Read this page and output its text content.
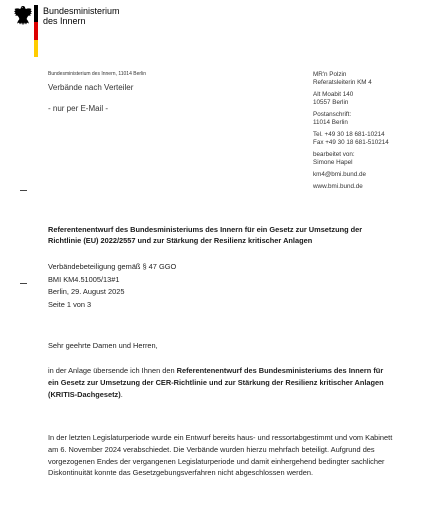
Bundesministerium
des Innern
Bundesministerium des Innern, 11014 Berlin
Verbände nach Verteiler
- nur per E-Mail -

MR'n Polzin

Referatsleiterin KM 4

Alt Moabit 140

10557 Berlin

Postanschrift:

11014 Berlin

Tel. +49 30 18 681-10214

Fax +49 30 18 681-510214

bearbeitet von:

Simone Hapel

km4@bmi.bund.de

www.bmi.bund.de

Referentenentwurf des Bundesministeriums des Innern für ein Gesetz zur Umsetzung der Richtlinie (EU) 2022/2557 und zur Stärkung der Resilienz kritischer Anlagen

Verbändebeteiligung gemäß § 47 GGO

BMI KM4.51005/13#1

Berlin, 29. August 2025

Seite 1 von 3

Sehr geehrte Damen und Herren,
in der Anlage übersende ich Ihnen den Referentenentwurf des Bundesministeriums des Innern für ein Gesetz zur Umsetzung der CER-Richtlinie und zur Stärkung der Resilienz kritischer Anlagen (KRITIS-Dachgesetz).
In der letzten Legislaturperiode wurde ein Entwurf bereits haus- und ressortabgestimmt und vom Kabinett am 6. November 2024 verabschiedet. Die Verbände wurden hierzu mehrfach beteiligt. Aufgrund des vorgezogenen Endes der vergangenen Legislaturperiode und damit einhergehend bedingter sachlicher Diskontinuität konnte das Gesetzgebungsverfahren nicht abgeschlossen werden.
